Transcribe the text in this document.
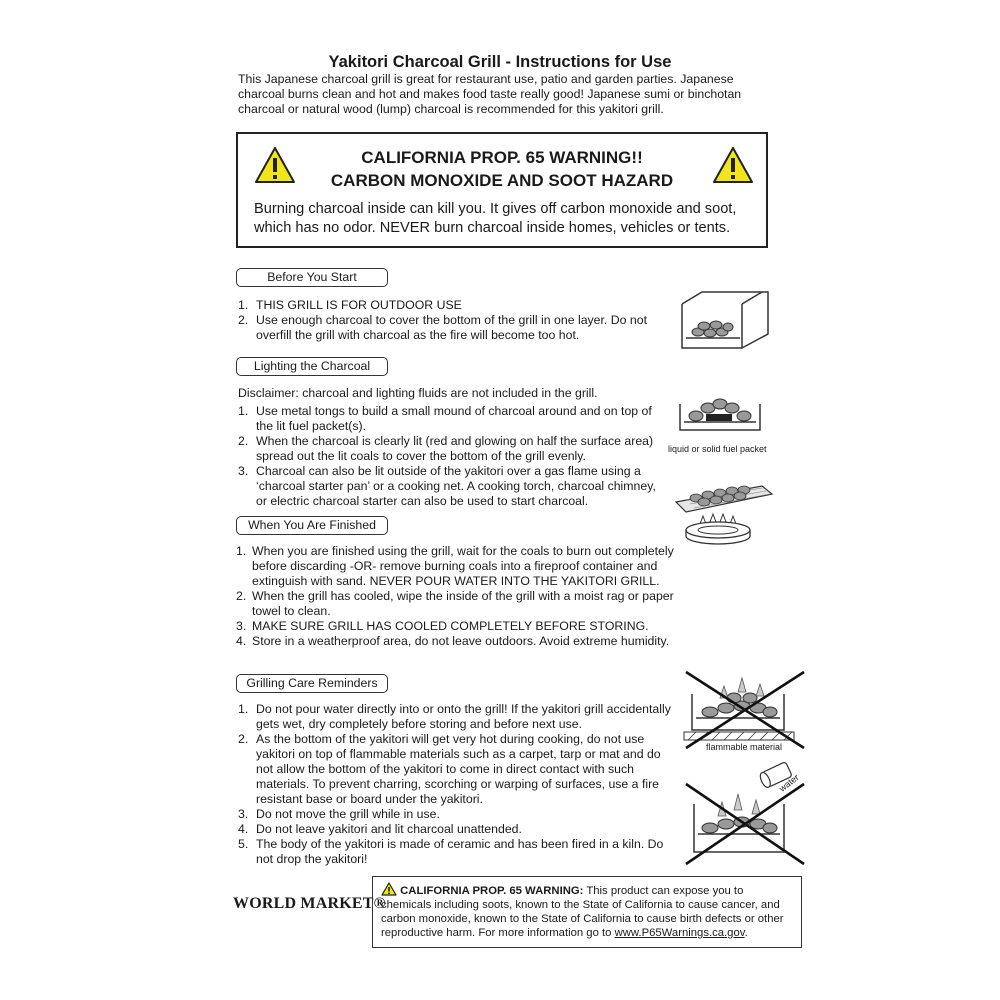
Yakitori Charcoal Grill - Instructions for Use
This Japanese charcoal grill is great for restaurant use, patio and garden parties. Japanese charcoal burns clean and hot and makes food taste really good! Japanese sumi or binchotan charcoal or natural wood (lump) charcoal is recommended for this yakitori grill.
CALIFORNIA PROP. 65 WARNING!!
CARBON MONOXIDE AND SOOT HAZARD
Burning charcoal inside can kill you. It gives off carbon monoxide and soot, which has no odor. NEVER burn charcoal inside homes, vehicles or tents.
Before You Start
1. THIS GRILL IS FOR OUTDOOR USE
2. Use enough charcoal to cover the bottom of the grill in one layer. Do not overfill the grill with charcoal as the fire will become too hot.
Lighting the Charcoal
Disclaimer: charcoal and lighting fluids are not included in the grill.
1. Use metal tongs to build a small mound of charcoal around and on top of the lit fuel packet(s).
2. When the charcoal is clearly lit (red and glowing on half the surface area) spread out the lit coals to cover the bottom of the grill evenly.
3. Charcoal can also be lit outside of the yakitori over a gas flame using a ‘charcoal starter pan’ or a cooking net. A cooking torch, charcoal chimney, or electric charcoal starter can also be used to start charcoal.
liquid or solid fuel packet
When You Are Finished
1. When you are finished using the grill, wait for the coals to burn out completely before discarding -OR- remove burning coals into a fireproof container and extinguish with sand. NEVER POUR WATER INTO THE YAKITORI GRILL.
2. When the grill has cooled, wipe the inside of the grill with a moist rag or paper towel to clean.
3. MAKE SURE GRILL HAS COOLED COMPLETELY BEFORE STORING.
4. Store in a weatherproof area, do not leave outdoors. Avoid extreme humidity.
Grilling Care Reminders
1. Do not pour water directly into or onto the grill! If the yakitori grill accidentally gets wet, dry completely before storing and before next use.
2. As the bottom of the yakitori will get very hot during cooking, do not use yakitori on top of flammable materials such as a carpet, tarp or mat and do not allow the bottom of the yakitori to come in direct contact with such materials. To prevent charring, scorching or warping of surfaces, use a fire resistant base or board under the yakitori.
3. Do not move the grill while in use.
4. Do not leave yakitori and lit charcoal unattended.
5. The body of the yakitori is made of ceramic and has been fired in a kiln. Do not drop the yakitori!
flammable material
water
WORLD MARKET®
CALIFORNIA PROP. 65 WARNING: This product can expose you to chemicals including soots, known to the State of California to cause cancer, and carbon monoxide, known to the State of California to cause birth defects or other reproductive harm. For more information go to www.P65Warnings.ca.gov.
